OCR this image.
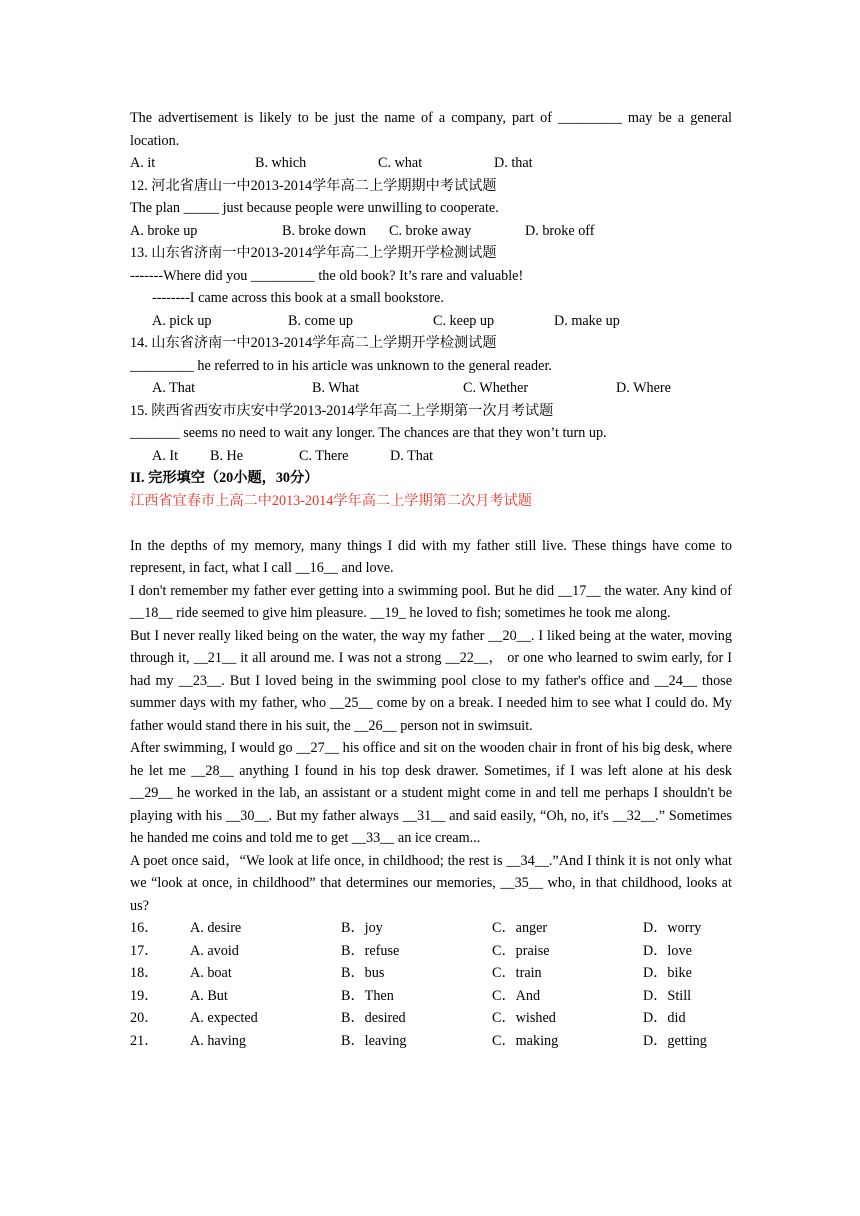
The advertisement is likely to be just the name of a company, part of _________ may be a general location.
A. it	B. which	C. what	D. that
12. 河北省唐山一中2013-2014学年高二上学期期中考试试题
The plan _____ just because people were unwilling to cooperate.
A. broke up	B. broke down C. broke away	D. broke off
13. 山东省济南一中2013-2014学年高二上学期开学检测试题
-------Where did you _________ the old book? It’s rare and valuable!
--------I came across this book at a small bookstore.
A. pick up	B. come up	C. keep up	D. make up
14. 山东省济南一中2013-2014学年高二上学期开学检测试题
_________ he referred to in his article was unknown to the general reader.
A. That	B. What	C. Whether	D. Where
15. 陕西省西安市庆安中学2013-2014学年高二上学期第一次月考试题
_______ seems no need to wait any longer. The chances are that they won’t turn up.
A. It B. He	C. There	D. That
II. 完形填空（20小题，30分）
江西省宜春市上高二中2013-2014学年高二上学期第二次月考试题
In the depths of my memory, many things I did with my father still live. These things have come to represent, in fact, what I call __16__ and love.
I don't remember my father ever getting into a swimming pool. But he did __17__ the water. Any kind of __18__ ride seemed to give him pleasure. __19_ he loved to fish; sometimes he took me along.
But I never really liked being on the water, the way my father __20__. I liked being at the water, moving through it, __21__ it all around me. I was not a strong __22__， or one who learned to swim early, for I had my __23__. But I loved being in the swimming pool close to my father's office and __24__ those summer days with my father, who __25__ come by on a break. I needed him to see what I could do. My father would stand there in his suit, the __26__ person not in swimsuit.
After swimming, I would go __27__ his office and sit on the wooden chair in front of his big desk, where he let me __28__ anything I found in his top desk drawer. Sometimes, if I was left alone at his desk __29__ he worked in the lab, an assistant or a student might come in and tell me perhaps I shouldn't be playing with his __30__. But my father always __31__ and said easily, “Oh, no, it's __32__.” Sometimes he handed me coins and told me to get __33__ an ice cream...
A poet once said，“We look at life once, in childhood; the rest is __34__.”And I think it is not only what we “look at once, in childhood” that determines our memories, __35__ who, in that childhood, looks at us?
16．	A. desire	B．joy	C．anger	D．worry
17．	A. avoid	B．refuse	C．praise	D．love
18．	A. boat	B．bus	C．train	D．bike
19．	A. But	B．Then	C．And	D．Still
20．	A. expected	B．desired	C．wished	D．did
21．	A. having	B．leaving	C．making	D．getting
